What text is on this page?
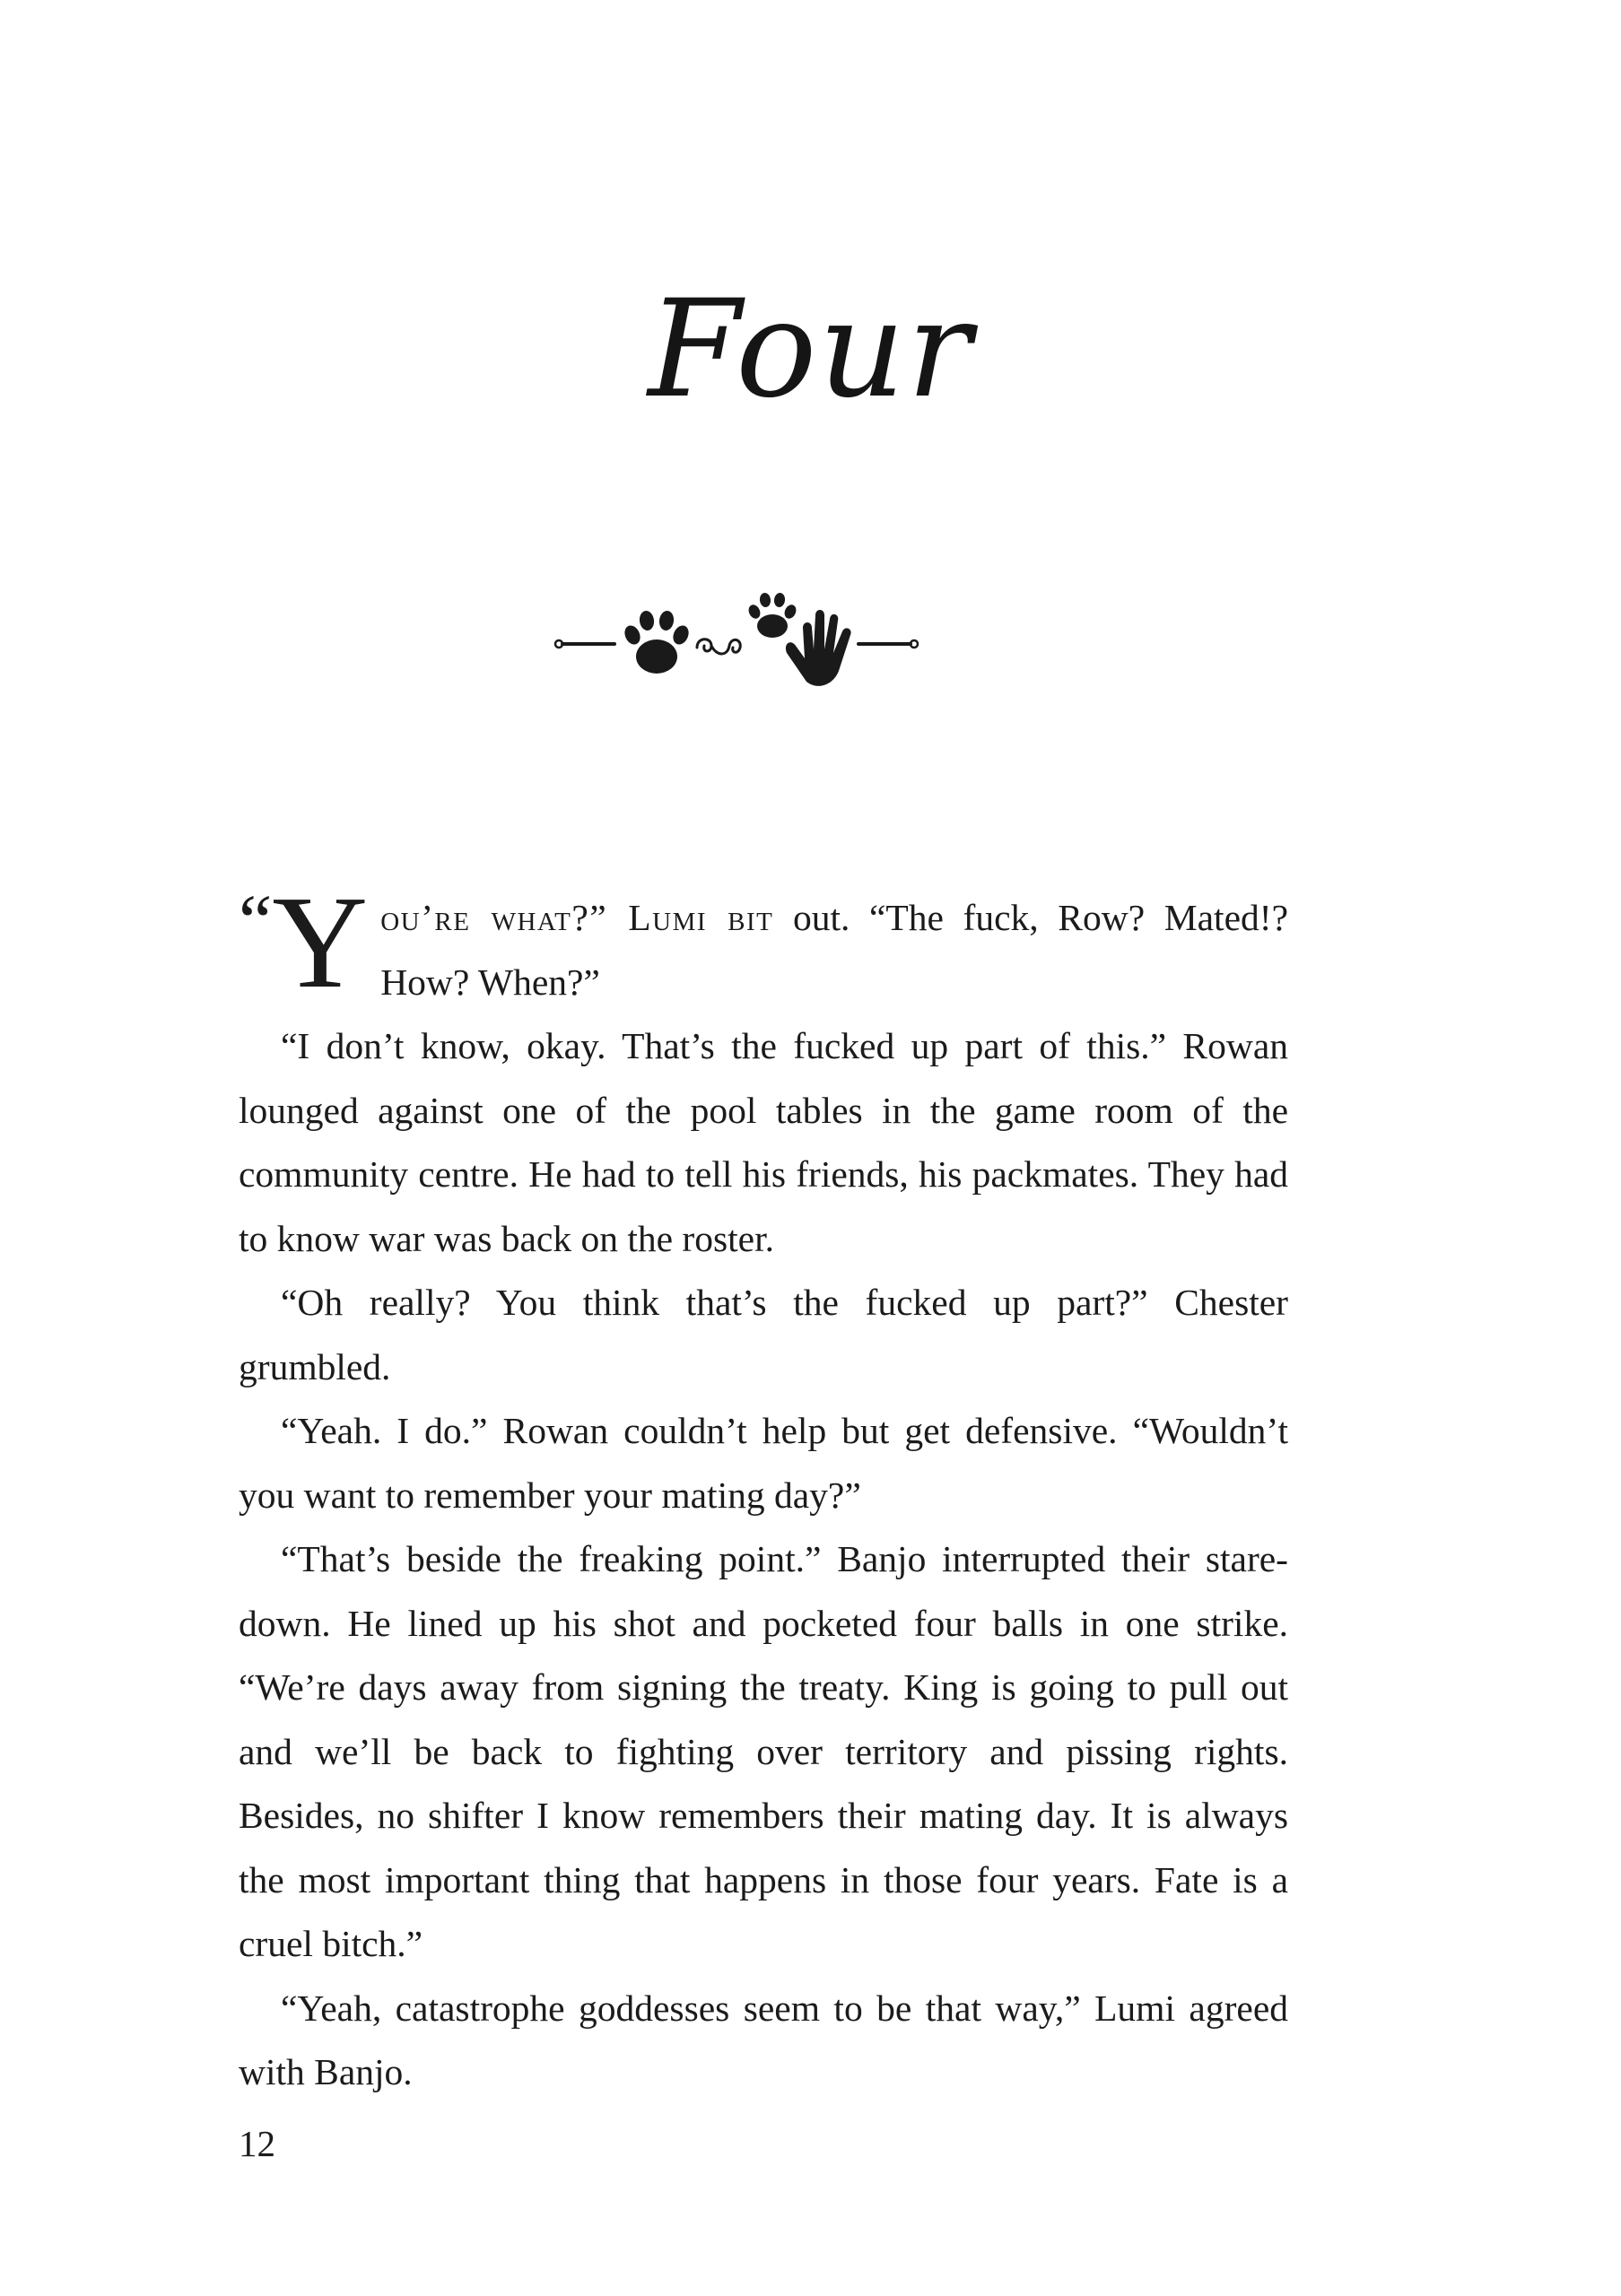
Four

“Y ou’re what?” Lumi bit out. “The fuck, Row? Mated!? How? When?”

“I don’t know, okay. That’s the fucked up part of this.” Rowan lounged against one of the pool tables in the game room of the community centre. He had to tell his friends, his packmates. They had to know war was back on the roster.

“Oh really? You think that’s the fucked up part?” Chester grumbled.

“Yeah. I do.” Rowan couldn’t help but get defensive. “Wouldn’t you want to remember your mating day?”

“That’s beside the freaking point.” Banjo interrupted their stare-down. He lined up his shot and pocketed four balls in one strike. “We’re days away from signing the treaty. King is going to pull out and we’ll be back to fighting over territory and pissing rights. Besides, no shifter I know remembers their mating day. It is always the most important thing that happens in those four years. Fate is a cruel bitch.”

“Yeah, catastrophe goddesses seem to be that way,” Lumi agreed with Banjo.

12
